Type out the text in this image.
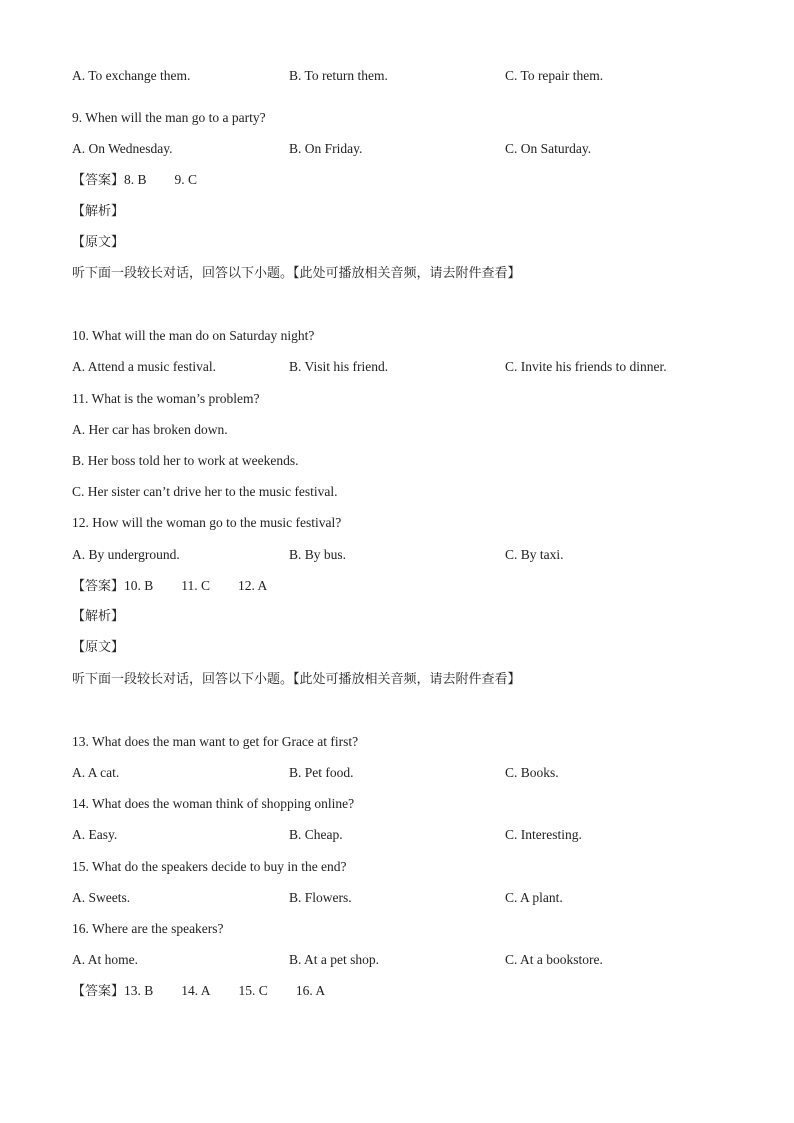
A. To exchange them.	B. To return them.	C. To repair them.
9. When will the man go to a party?
A. On Wednesday.	B. On Friday.	C. On Saturday.
【答案】8. B 9. C
【解析】
【原文】
听下面一段较长对话，回答以下小题。【此处可播放相关音频，请去附件查看】
10. What will the man do on Saturday night?
A. Attend a music festival.	B. Visit his friend.	C. Invite his friends to dinner.
11. What is the woman’s problem?
A. Her car has broken down.
B. Her boss told her to work at weekends.
C. Her sister can’t drive her to the music festival.
12. How will the woman go to the music festival?
A. By underground.	B. By bus.	C. By taxi.
【答案】10. B 11. C 12. A
【解析】
【原文】
听下面一段较长对话，回答以下小题。【此处可播放相关音频，请去附件查看】
13. What does the man want to get for Grace at first?
A. A cat.	B. Pet food.	C. Books.
14. What does the woman think of shopping online?
A. Easy.	B. Cheap.	C. Interesting.
15. What do the speakers decide to buy in the end?
A. Sweets.	B. Flowers.	C. A plant.
16. Where are the speakers?
A. At home.	B. At a pet shop.	C. At a bookstore.
【答案】13. B 14. A 15. C 16. A
